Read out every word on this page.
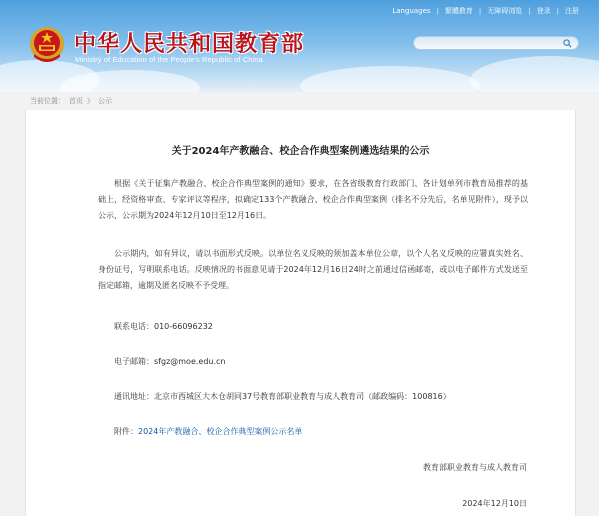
中华人民共和国教育部
Ministry of Education of the People's Republic of China
Languages | 繁體教育 | 无障碍浏览 | 登录 | 注册
当前位置： 首页 》 公示
关于2024年产教融合、校企合作典型案例遴选结果的公示

根据《关于征集产教融合、校企合作典型案例的通知》要求，在各省级教育行政部门、各计划单列市教育局推荐的基础上，经资格审查、专家评议等程序，拟确定133个产教融合、校企合作典型案例（排名不分先后，名单见附件），现予以公示，公示期为2024年12月10日至12月16日。

公示期内，如有异议，请以书面形式反映。以单位名义反映的须加盖本单位公章，以个人名义反映的应署真实姓名、身份证号，写明联系电话。反映情况的书面意见请于2024年12月16日24时之前通过信函邮寄，或以电子邮件方式发送至指定邮箱，逾期及匿名反映不予受理。

联系电话：010-66096232
电子邮箱：sfgz@moe.edu.cn
通讯地址：北京市西城区大木仓胡同37号教育部职业教育与成人教育司（邮政编码：100816）
附件：2024年产教融合、校企合作典型案例公示名单
教育部职业教育与成人教育司
2024年12月10日
